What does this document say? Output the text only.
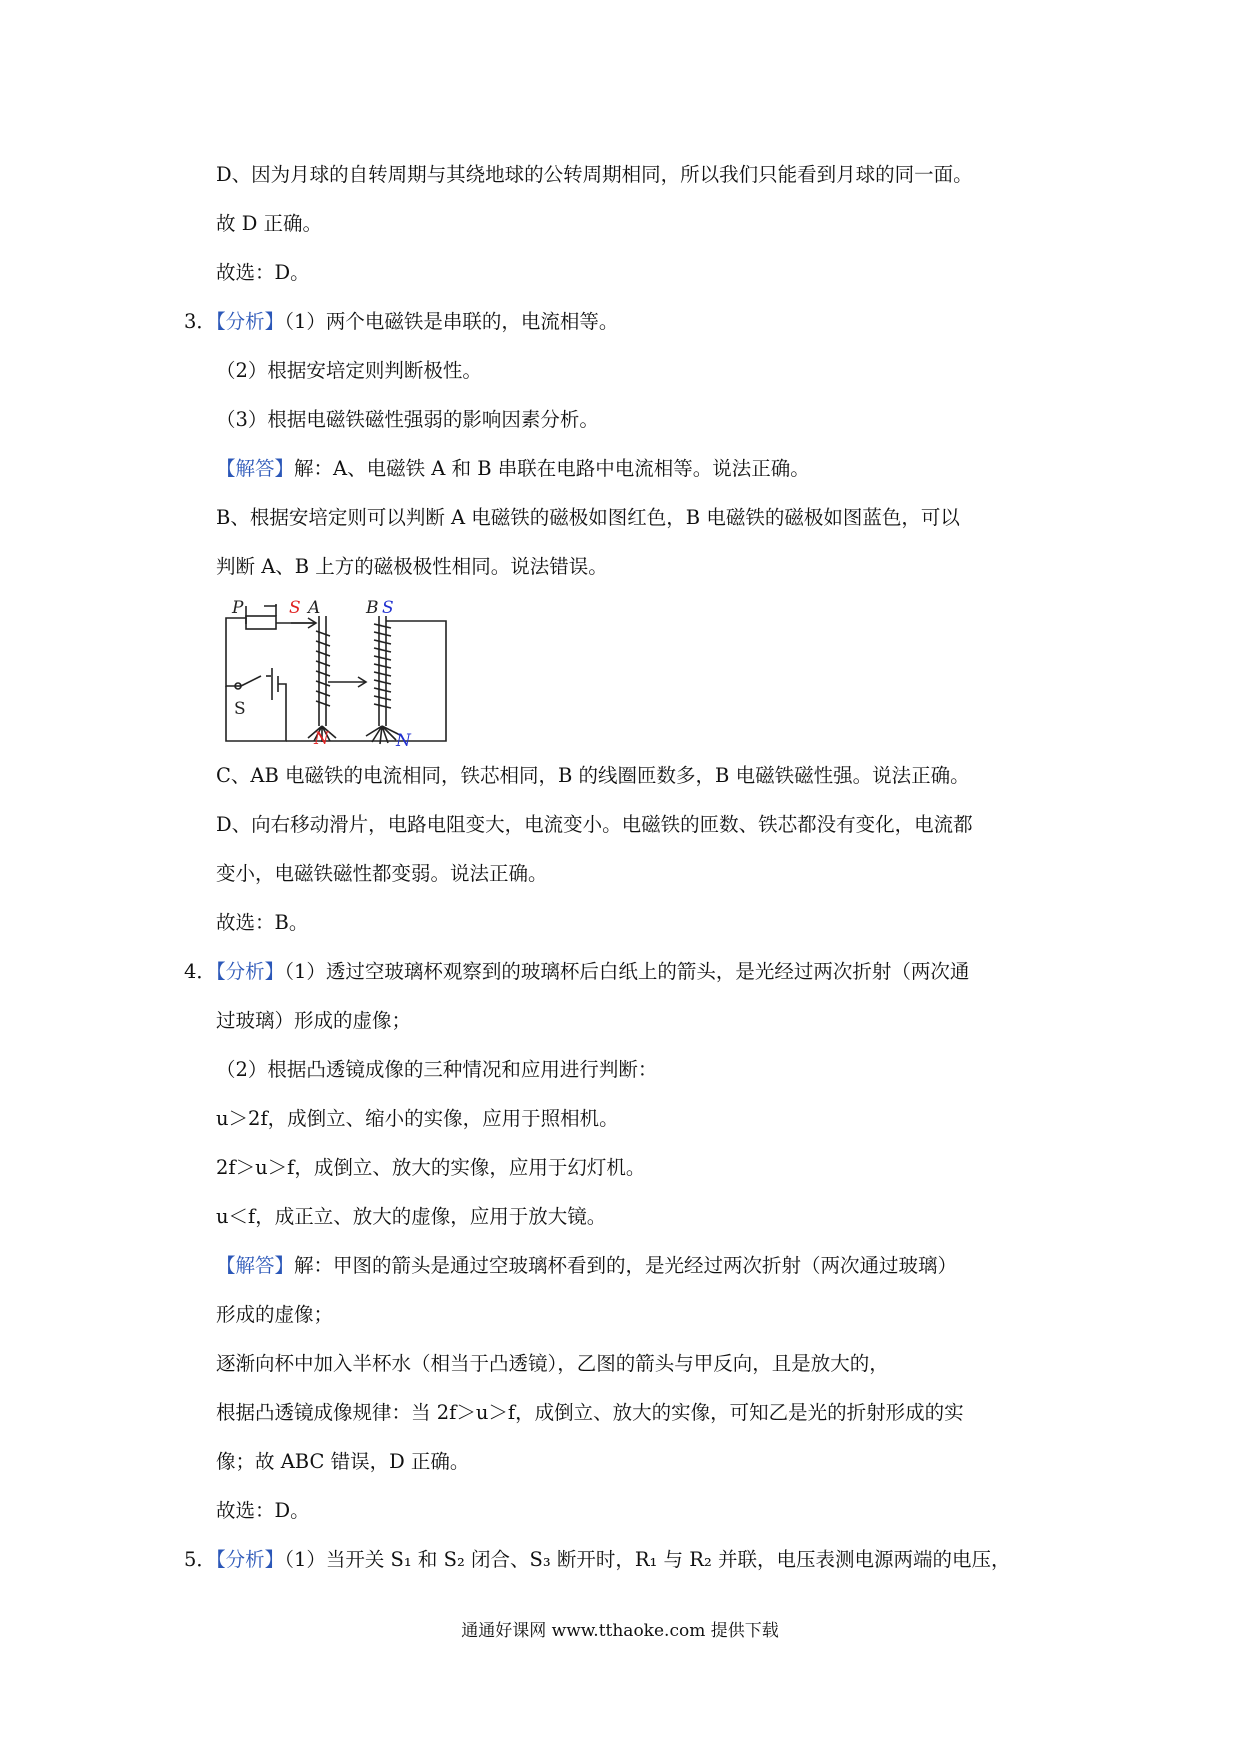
D、因为月球的自转周期与其绕地球的公转周期相同，所以我们只能看到月球的同一面。
故 D 正确。
故选：D。
3．【分析】（1）两个电磁铁是串联的，电流相等。
（2）根据安培定则判断极性。
（3）根据电磁铁磁性强弱的影响因素分析。
【解答】解：A、电磁铁 A 和 B 串联在电路中电流相等。说法正确。
B、根据安培定则可以判断 A 电磁铁的磁极如图红色，B 电磁铁的磁极如图蓝色，可以
判断 A、B 上方的磁极极性相同。说法错误。
P
S
S A	B S
N	N
C、AB 电磁铁的电流相同，铁芯相同，B 的线圈匝数多，B 电磁铁磁性强。说法正确。
D、向右移动滑片，电路电阻变大，电流变小。电磁铁的匝数、铁芯都没有变化，电流都
变小，电磁铁磁性都变弱。说法正确。
故选：B。
4．【分析】（1）透过空玻璃杯观察到的玻璃杯后白纸上的箭头，是光经过两次折射（两次通
过玻璃）形成的虚像；
（2）根据凸透镜成像的三种情况和应用进行判断：
u＞2f，成倒立、缩小的实像，应用于照相机。
2f＞u＞f，成倒立、放大的实像，应用于幻灯机。
u＜f，成正立、放大的虚像，应用于放大镜。
【解答】解：甲图的箭头是通过空玻璃杯看到的，是光经过两次折射（两次通过玻璃）
形成的虚像；
逐渐向杯中加入半杯水（相当于凸透镜），乙图的箭头与甲反向，且是放大的，
根据凸透镜成像规律：当 2f＞u＞f，成倒立、放大的实像，可知乙是光的折射形成的实
像；故 ABC 错误，D 正确。
故选：D。
5．【分析】（1）当开关 S₁ 和 S₂ 闭合、S₃ 断开时，R₁ 与 R₂ 并联，电压表测电源两端的电压，
通通好课网 www.tthaoke.com 提供下载
